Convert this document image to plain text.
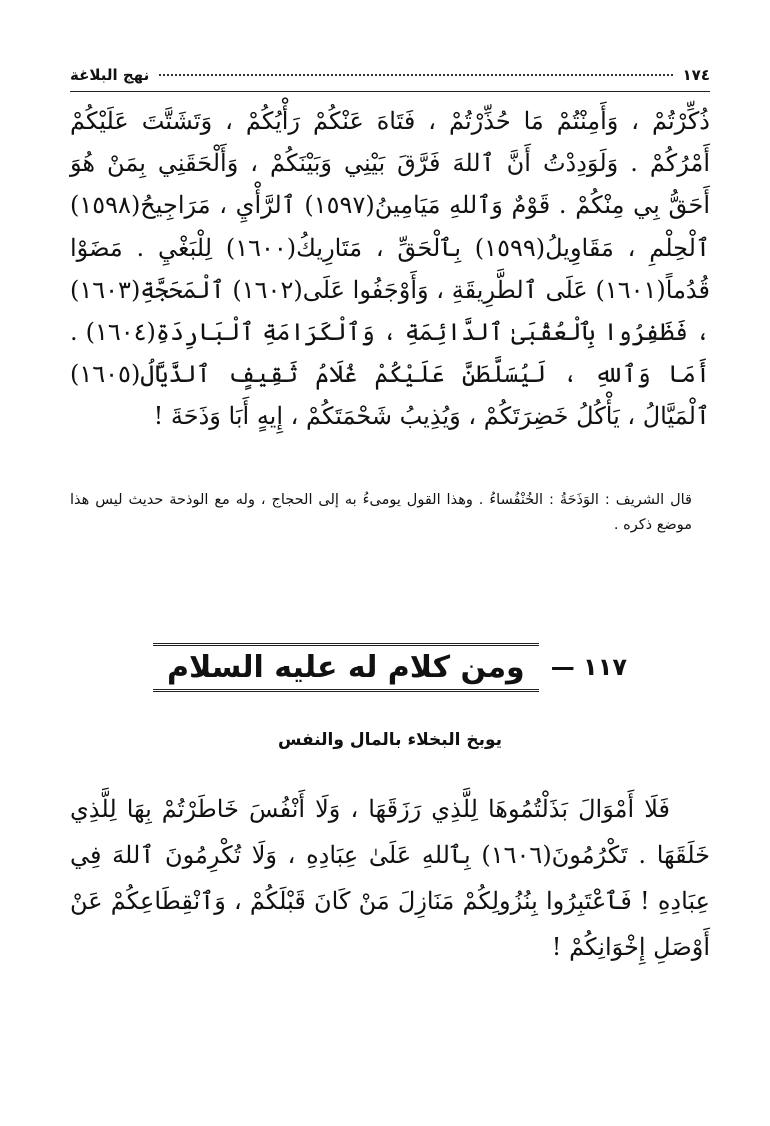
١٧٤
نهج البلاغة

ذُكِّرْتُمْ ، وَأَمِنْتُمْ مَا حُذِّرْتُمْ ، فَتَاهَ عَنْكُمْ رَأْيُكُمْ ، وَتَشَتَّتَ عَلَيْكُمْ أَمْرُكُمْ . وَلَوَدِدْتُ أَنَّ ٱللهَ فَرَّقَ بَيْنِي وَبَيْنَكُمْ ، وَأَلْحَقَنِي بِمَنْ هُوَ أَحَقُّ بِي مِنْكُمْ . قَوْمٌ وَٱللهِ مَيَامِينُ(١٥٩٧) ٱلرَّأْيِ ، مَرَاجِيحُ(١٥٩٨) ٱلْحِلْمِ ، مَقَاوِيلُ(١٥٩٩) بِٱلْحَقِّ ، مَتَارِيكُ(١٦٠٠) لِلْبَغْيِ . مَضَوْا قُدُماً(١٦٠١) عَلَى ٱلطَّرِيقَةِ ، وَأَوْجَفُوا عَلَى(١٦٠٢) ٱلْمَحَجَّةِ(١٦٠٣) ، فَظَفِرُوا بِٱلْعُقْبَىٰ ٱلدَّائِمَةِ ، وَٱلْكَرَامَةِ ٱلْبَارِدَةِ(١٦٠٤) . أَمَا وَٱللهِ ، لَيُسَلَّطَنَّ عَلَيْكُمْ غُلَامُ ثَقِيفٍ ٱلذَّيَّالُ(١٦٠٥) ٱلْمَيَّالُ ، يَأْكُلُ خَضِرَتَكُمْ ، وَيُذِيبُ شَحْمَتَكُمْ ، إِيهٍ أَبَا وَذَحَةَ !

قال الشريف : الوَذَحَةُ : الخُنْفُساءُ . وهذا القول يومىءُ به إلى الحجاج ، وله مع الوذحة حديث ليس هذا موضع ذكره .
١١٧ —
ومن كلام له عليه السلام
يوبخ البخلاء بالمال والنفس

فَلَا أَمْوَالَ بَذَلْتُمُوهَا لِلَّذِي رَزَقَهَا ، وَلَا أَنْفُسَ خَاطَرْتُمْ بِهَا لِلَّذِي خَلَقَهَا . تَكْرُمُونَ(١٦٠٦) بِٱللهِ عَلَىٰ عِبَادِهِ ، وَلَا تُكْرِمُونَ ٱللهَ فِي عِبَادِهِ ! فَٱعْتَبِرُوا بِنُزُولِكُمْ مَنَازِلَ مَنْ كَانَ قَبْلَكُمْ ، وَٱنْقِطَاعِكُمْ عَنْ أَوْصَلِ إِخْوَانِكُمْ !
